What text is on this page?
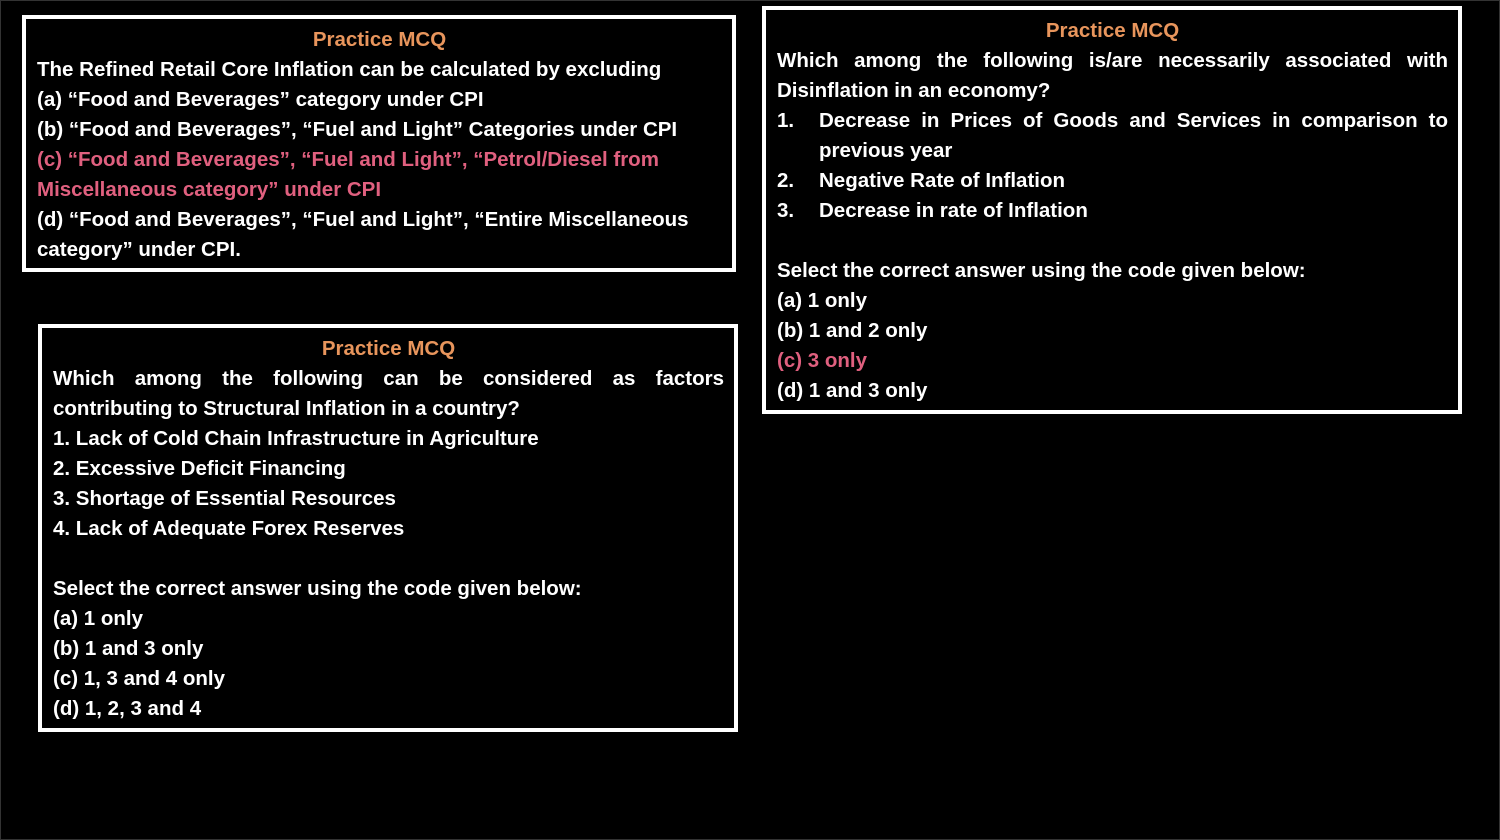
Practice MCQ

The Refined Retail Core Inflation can be calculated by excluding

(a) “Food and Beverages” category under CPI

(b) “Food and Beverages”, “Fuel and Light” Categories under CPI

(c) “Food and Beverages”, “Fuel and Light”, “Petrol/Diesel from Miscellaneous category” under CPI

(d) “Food and Beverages”, “Fuel and Light”, “Entire Miscellaneous category” under CPI.

Practice MCQ

Which among the following is/are necessarily associated with Disinflation in an economy?

1.	Decrease in Prices of Goods and Services in comparison to previous year
2.	Negative Rate of Inflation
3.	Decrease in rate of Inflation

Select the correct answer using the code given below:

(a) 1 only

(b) 1 and 2 only

(c) 3 only

(d) 1 and 3 only

Practice MCQ

Which among the following can be considered as factors contributing to Structural Inflation in a country?

1. Lack of Cold Chain Infrastructure in Agriculture

2. Excessive Deficit Financing

3. Shortage of Essential Resources

4. Lack of Adequate Forex Reserves

Select the correct answer using the code given below:

(a) 1 only

(b) 1 and 3 only

(c) 1, 3 and 4 only

(d) 1, 2, 3 and 4
